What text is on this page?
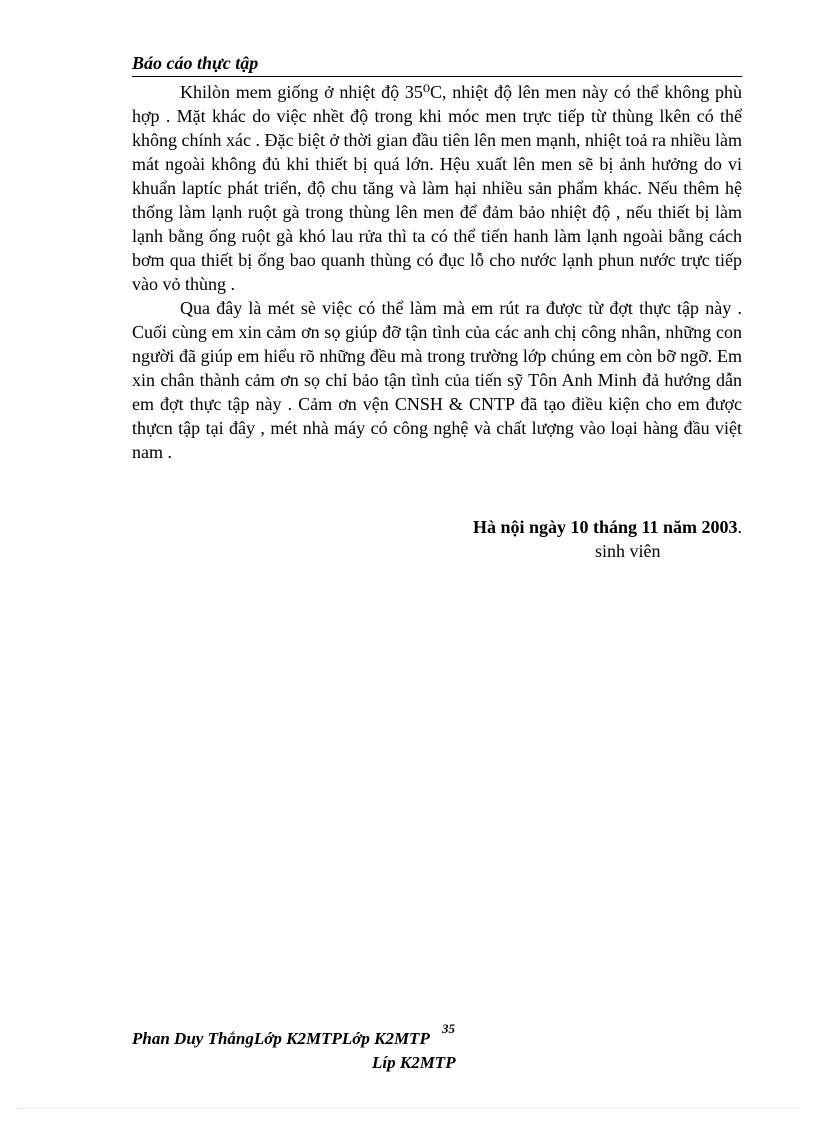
Báo cáo thực tập

Khilòn mem giống ở nhiệt độ 35⁰C, nhiệt độ lên men này có thể không phù hợp . Mặt khác do việc nhềt độ trong khi móc men trực tiếp từ thùng lkên có thể không chính xác . Đặc biệt ở thời gian đầu tiên lên men mạnh, nhiệt toả ra nhiều làm mát ngoài không đủ khi thiết bị quá lớn. Hệu xuất lên men sẽ bị ảnh hưởng do vi khuẩn laptíc phát triển, độ chu tăng và làm hại nhiều sản phẩm khác. Nếu thêm hệ thống làm lạnh ruột gà trong thùng lên men để đảm bảo nhiệt độ , nếu thiết bị làm lạnh bằng ống ruột gà khó lau rửa thì ta có thể tiến hanh làm lạnh ngoài bằng cách bơm qua thiết bị ống bao quanh thùng có đục lỗ cho nước lạnh phun nước trực tiếp vào vỏ thùng .

Qua đây là mét sè việc có thể làm mà em rút ra được từ đợt thực tập này . Cuối cùng em xin cảm ơn sọ giúp đỡ tận tình của các anh chị công nhân, những con người đã giúp em hiểu rõ những đều mà trong trường lớp chúng em còn bỡ ngỡ. Em xin chân thành cảm ơn sọ chỉ bảo tận tình của tiến sỹ Tôn Anh Minh đả hướng dẫn em đợt thực tập này . Cảm ơn vện CNSH & CNTP đã tạo điều kiện cho em được thựcn tập tại đây , mét nhà máy có công nghệ và chất lượng vào loại hàng đầu việt nam .

Hà nội ngày 10 tháng 11 năm 2003.
sinh viên
35
Phan Duy ThắngLớp K2MTPLớp K2MTP
Líp K2MTP
